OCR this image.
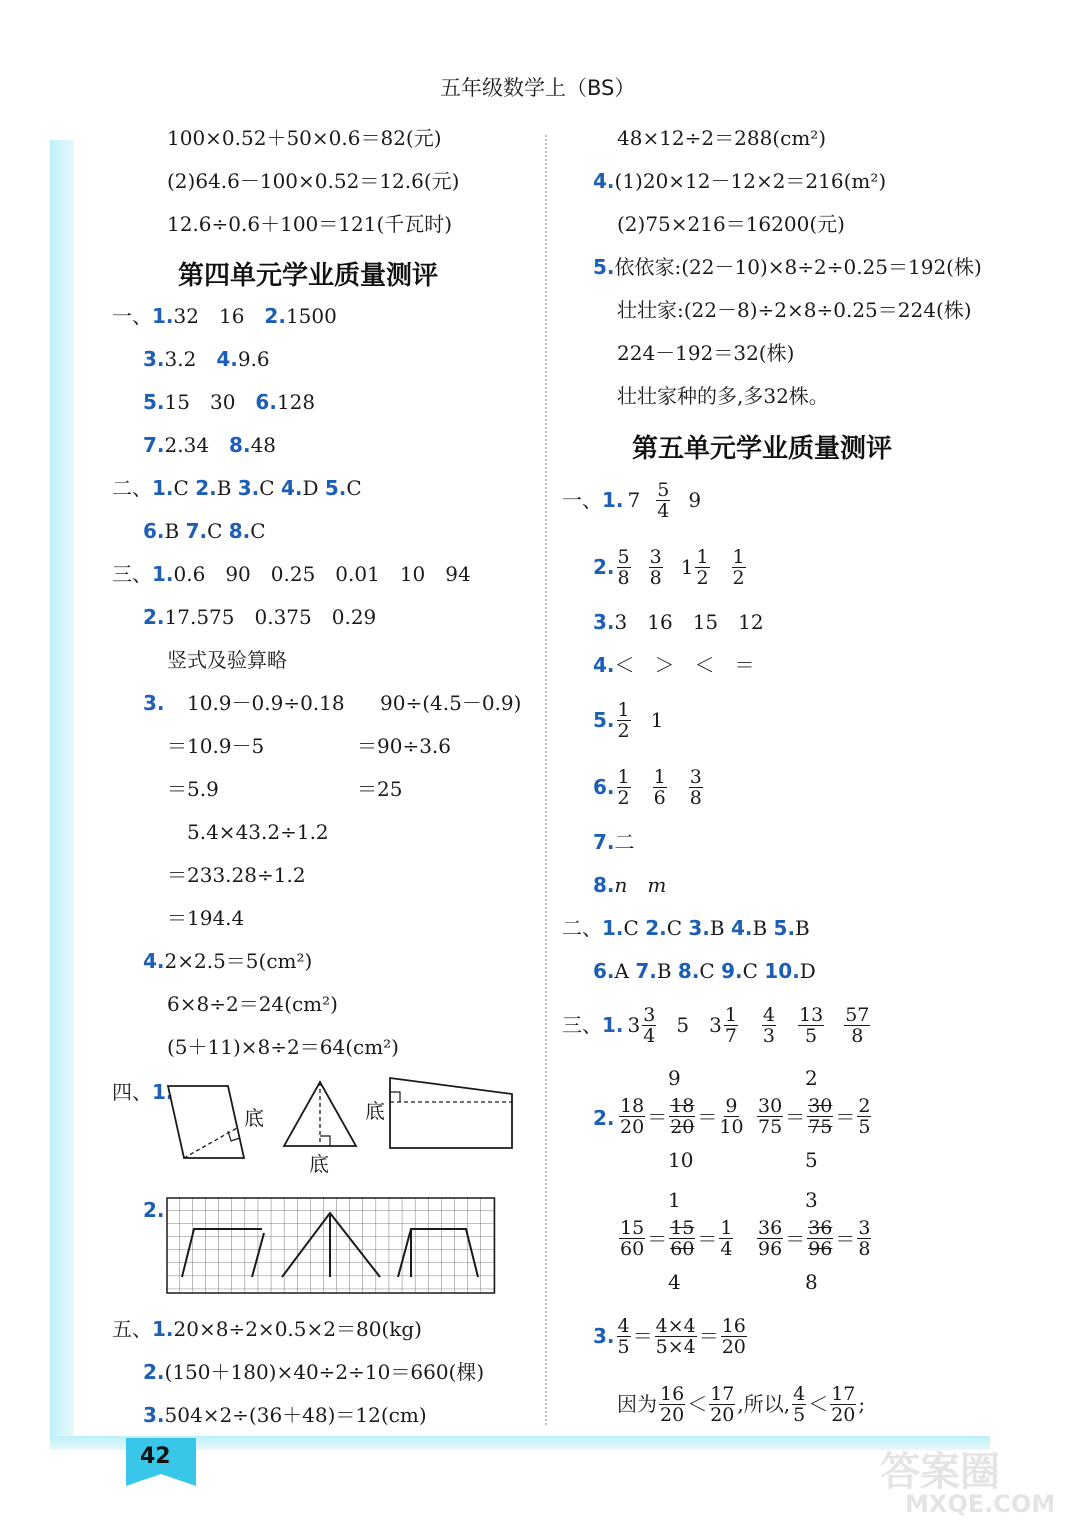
五年级数学上（BS）
100×0.52＋50×0.6＝82(元)
(2)64.6－100×0.52＝12.6(元)
12.6÷0.6＋100＝121(千瓦时)
第四单元学业质量测评
一、1.32　16　 2.1500
3.3.2　 4.9.6
5.15　30　 6.128
7.2.34　 8.48
二、1.C 2.B 3.C 4.D 5.C
6.B 7.C 8.C
三、1.0.6　90　0.25　0.01　10　94
2.17.575　0.375　0.29
竖式及验算略
3. 10.9－0.9÷0.18
＝10.9－5
＝5.9
90÷(4.5－0.9)
＝90÷3.6
＝25
5.4×43.2÷1.2
＝233.28÷1.2
＝194.4
4.2×2.5＝5(cm²)
6×8÷2＝24(cm²)
(5＋11)×8÷2＝64(cm²)
四、1.
底
底
底
2.
五、1.20×8÷2×0.5×2＝80(kg)
2.(150＋180)×40÷2÷10＝660(棵)
3.504×2÷(36＋48)＝12(cm)
48×12÷2＝288(cm²)
4.(1)20×12－12×2＝216(m²)
(2)75×216＝16200(元)
5.依依家:(22－10)×8÷2÷0.25＝192(株)
壮壮家:(22－8)÷2×8÷0.25＝224(株)
224－192＝32(株)
壮壮家种的多,多32株。
第五单元学业质量测评
一、 1. 7 5
4 9
2. 5
8
3
8 1 1
2
1
2
3.3　16　15　12
4.＜　＞　＜　＝
5. 1
2 1
6. 1
2
1
6
3
8
7.二
8.n　m
二、1.C 2.C 3.B 4.B 5.B
6.A 7.B 8.C 9.C 10.D
三、 1. 3 3
4 5 3 1
7
4
3
13
5
57
8
2.
9
10
18
20 ＝ 18
20 ＝ 9
10
2
5
30
75 ＝ 30
75 ＝ 2
5
1
4
15
60 ＝ 15
60 ＝ 1
4
3
8
36
96 ＝ 36
96 ＝ 3
8
3. 4
5 ＝ 4×4
5×4 ＝ 16
20
因为 16
20 ＜ 17
20 ,所以, 4
5 ＜ 17
20 ;
42	答案圈
MXQE.COM
